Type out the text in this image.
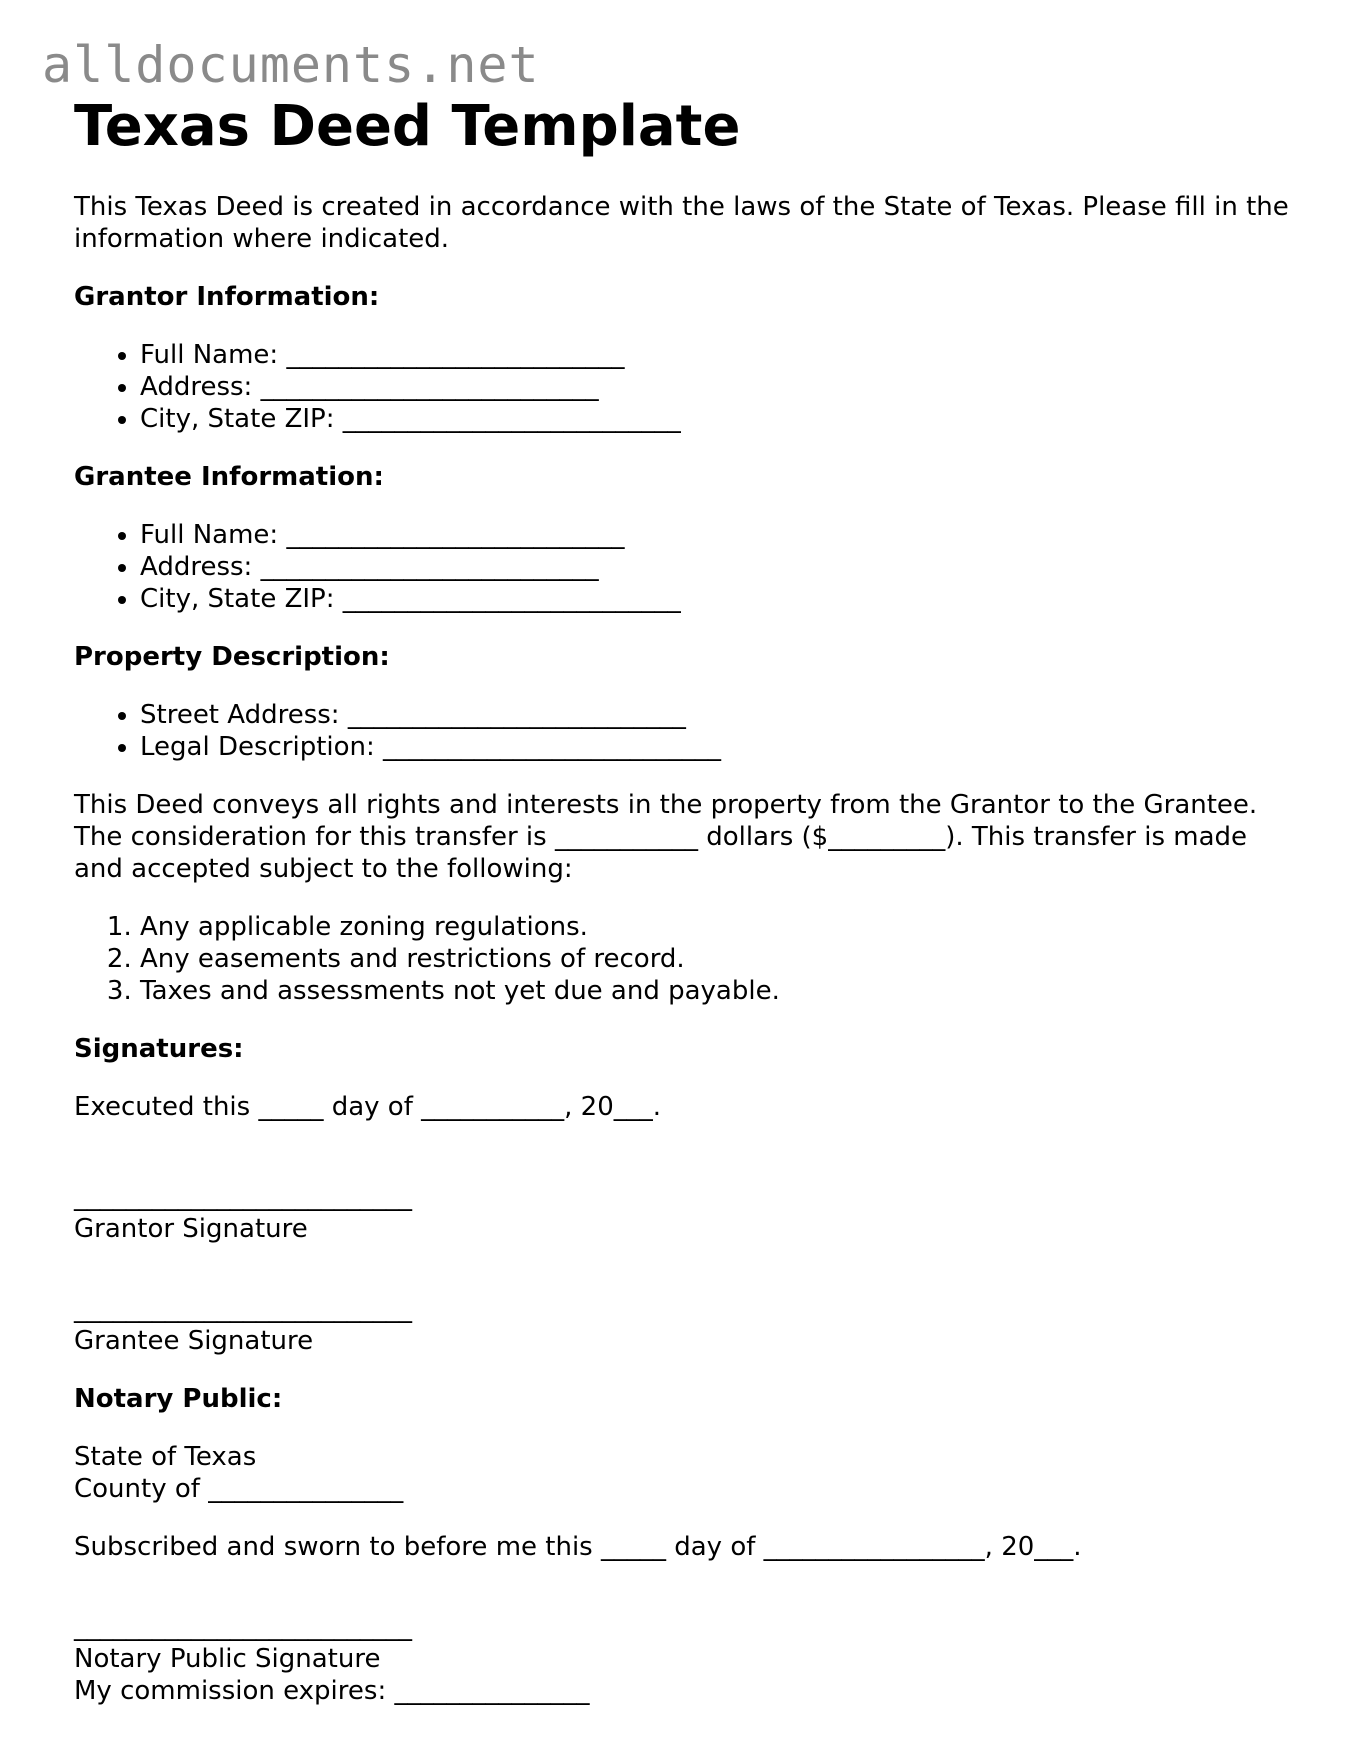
alldocuments.net
Texas Deed Template

This Texas Deed is created in accordance with the laws of the State of Texas. Please fill in the information where indicated.

Grantor Information:

• Full Name: __________________________
• Address: __________________________
• City, State ZIP: __________________________

Grantee Information:

• Full Name: __________________________
• Address: __________________________
• City, State ZIP: __________________________

Property Description:

• Street Address: __________________________
• Legal Description: __________________________

This Deed conveys all rights and interests in the property from the Grantor to the Grantee. The consideration for this transfer is ___________ dollars ($_________). This transfer is made and accepted subject to the following:

1. Any applicable zoning regulations.
2. Any easements and restrictions of record.
3. Taxes and assessments not yet due and payable.

Signatures:

Executed this _____ day of ___________, 20___.

__________________________
Grantor Signature
__________________________
Grantee Signature

Notary Public:

State of Texas
County of _______________

Subscribed and sworn to before me this _____ day of _________________, 20___.

__________________________
Notary Public Signature
My commission expires: _______________
